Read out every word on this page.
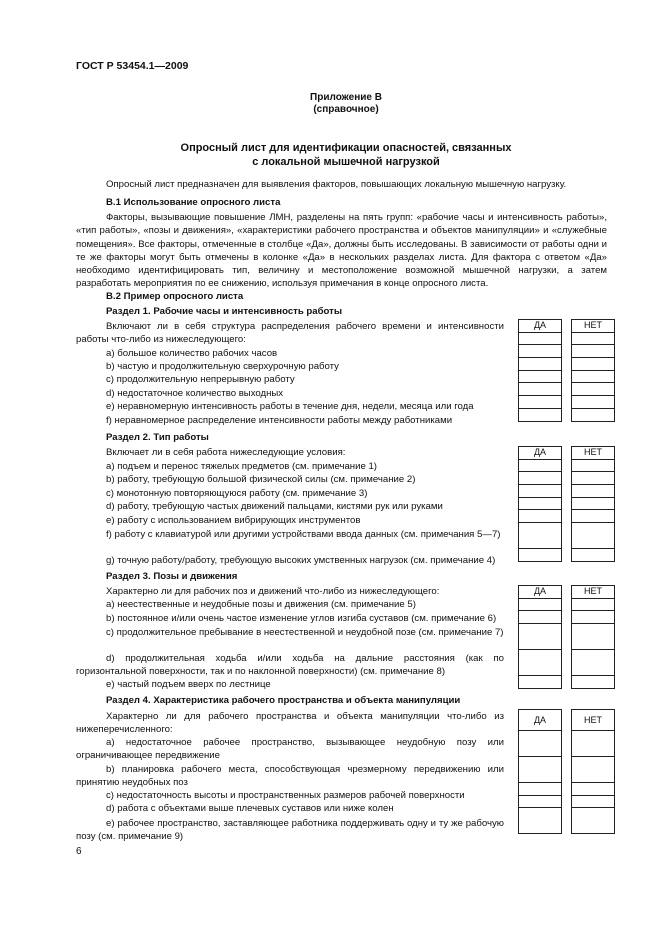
ГОСТ Р 53454.1—2009
Приложение В
(справочное)
Опросный лист для идентификации опасностей, связанных
с локальной мышечной нагрузкой
Опросный лист предназначен для выявления факторов, повышающих локальную мышечную нагрузку.
В.1 Использование опросного листа
Факторы, вызывающие повышение ЛМН, разделены на пять групп: «рабочие часы и интенсивность работы», «тип работы», «позы и движения», «характеристики рабочего пространства и объектов манипуляции» и «служебные помещения». Все факторы, отмеченные в столбце «Да», должны быть исследованы. В зависимости от работы одни и те же факторы могут быть отмечены в колонке «Да» в нескольких разделах листа. Для фактора с ответом «Да» необходимо идентифицировать тип, величину и местоположение возможной мышечной нагрузки, а затем разработать мероприятия по ее снижению, используя примечания в конце опросного листа.
В.2 Пример опросного листа
Раздел 1. Рабочие часы и интенсивность работы
Включают ли в себя структура распределения рабочего времени и интенсивности работы что-либо из нижеследующего:
a) большое количество рабочих часов
b) частую и продолжительную сверхурочную работу
c) продолжительную непрерывную работу
d) недостаточное количество выходных
e) неравномерную интенсивность работы в течение дня, недели, месяца или года
f) неравномерное распределение интенсивности работы между работниками
ДА	НЕТ

Раздел 2. Тип работы
Включает ли в себя работа нижеследующие условия:
a) подъем и перенос тяжелых предметов (см. примечание 1)
b) работу, требующую большой физической силы (см. примечание 2)
c) монотонную повторяющуюся работу (см. примечание 3)
d) работу, требующую частых движений пальцами, кистями рук или руками
e) работу с использованием вибрирующих инструментов
f) работу с клавиатурой или другими устройствами ввода данных (см. примечания 5—7)
g) точную работу/работу, требующую высоких умственных нагрузок (см. примечание 4)
ДА	НЕТ

Раздел 3. Позы и движения
Характерно ли для рабочих поз и движений что-либо из нижеследующего:
a) неестественные и неудобные позы и движения (см. примечание 5)
b) постоянное и/или очень частое изменение углов изгиба суставов (см. примечание 6)
c) продолжительное пребывание в неестественной и неудобной позе (см. примечание 7)
d) продолжительная ходьба и/или ходьба на дальние расстояния (как по горизонтальной поверхности, так и по наклонной поверхности) (см. примечание 8)
e) частый подъем вверх по лестнице
ДА	НЕТ

Раздел 4. Характеристика рабочего пространства и объекта манипуляции
Характерно ли для рабочего пространства и объекта манипуляции что-либо из нижеперечисленного:
a) недостаточное рабочее пространство, вызывающее неудобную позу или ограничивающее передвижение
b) планировка рабочего места, способствующая чрезмерному передвижению или принятию неудобных поз
c) недостаточность высоты и пространственных размеров рабочей поверхности
d) работа с объектами выше плечевых суставов или ниже колен
e) рабочее пространство, заставляющее работника поддерживать одну и ту же рабочую позу (см. примечание 9)
ДА	НЕТ

6
